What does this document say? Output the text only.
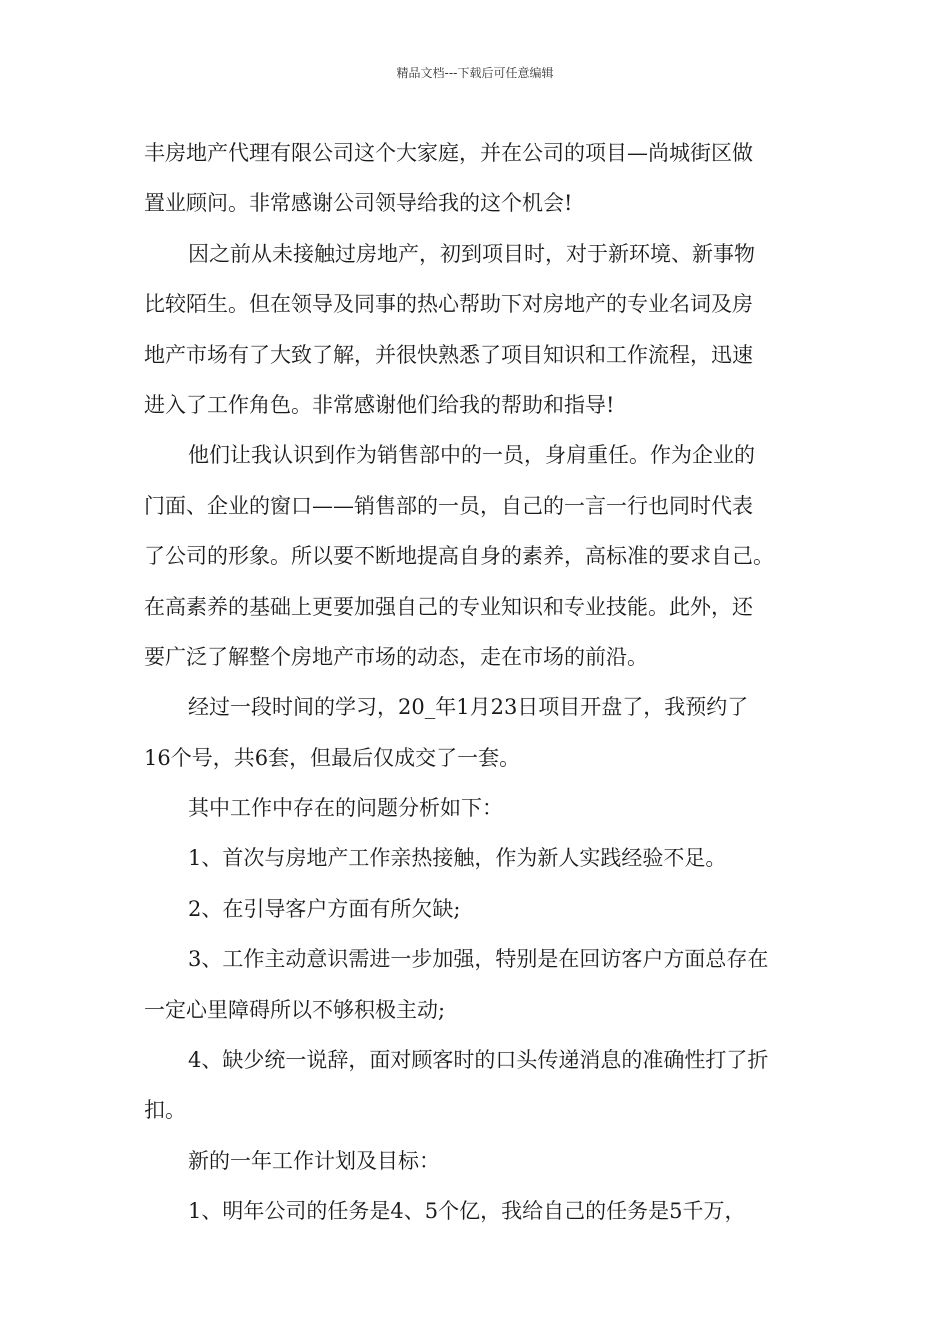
精品文档---下载后可任意编辑
丰房地产代理有限公司这个大家庭，并在公司的项目—尚城街区做
置业顾问。非常感谢公司领导给我的这个机会!
因之前从未接触过房地产，初到项目时，对于新环境、新事物
比较陌生。但在领导及同事的热心帮助下对房地产的专业名词及房
地产市场有了大致了解，并很快熟悉了项目知识和工作流程，迅速
进入了工作角色。非常感谢他们给我的帮助和指导!
他们让我认识到作为销售部中的一员，身肩重任。作为企业的
门面、企业的窗口——销售部的一员，自己的一言一行也同时代表
了公司的形象。所以要不断地提高自身的素养，高标准的要求自己。
在高素养的基础上更要加强自己的专业知识和专业技能。此外，还
要广泛了解整个房地产市场的动态，走在市场的前沿。
经过一段时间的学习，20_年1月23日项目开盘了，我预约了
16个号，共6套，但最后仅成交了一套。
其中工作中存在的问题分析如下：
1、首次与房地产工作亲热接触，作为新人实践经验不足。
2、在引导客户方面有所欠缺;
3、工作主动意识需进一步加强，特别是在回访客户方面总存在
一定心里障碍所以不够积极主动;
4、缺少统一说辞，面对顾客时的口头传递消息的准确性打了折
扣。
新的一年工作计划及目标：
1、明年公司的任务是4、5个亿，我给自己的任务是5千万，
